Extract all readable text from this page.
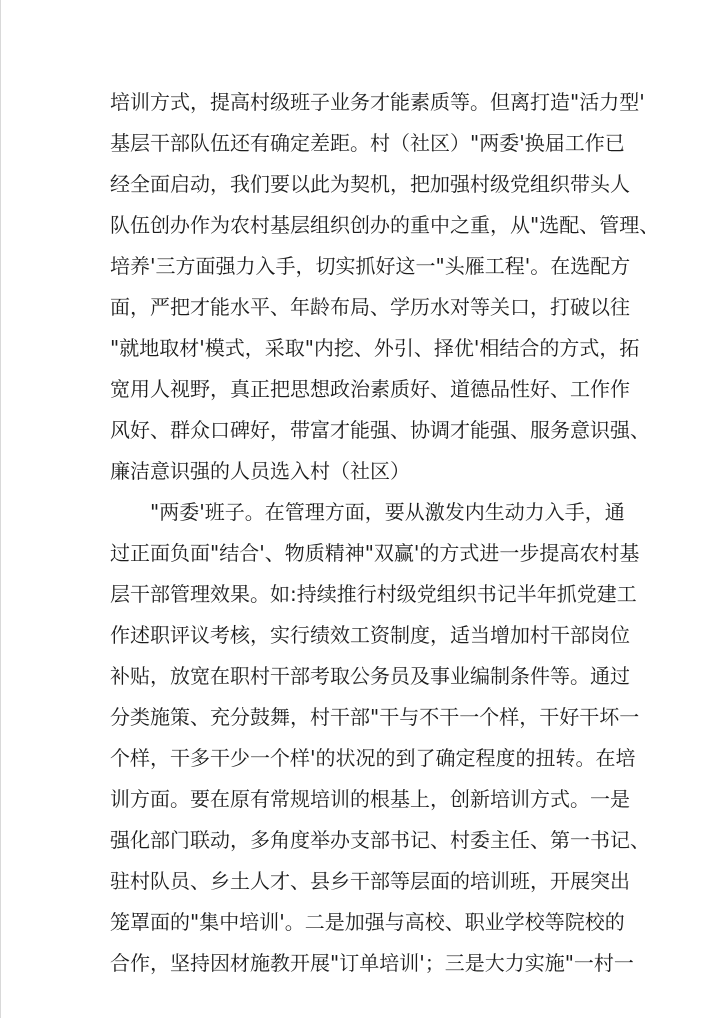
培训方式，提高村级班子业务才能素质等。但离打造"活力型'
基层干部队伍还有确定差距。村（社区）"两委'换届工作已
经全面启动，我们要以此为契机，把加强村级党组织带头人
队伍创办作为农村基层组织创办的重中之重，从"选配、管理、
培养'三方面强力入手，切实抓好这一"头雁工程'。在选配方
面，严把才能水平、年龄布局、学历水对等关口，打破以往
"就地取材'模式，采取"内挖、外引、择优'相结合的方式，拓
宽用人视野，真正把思想政治素质好、道德品性好、工作作
风好、群众口碑好，带富才能强、协调才能强、服务意识强、
廉洁意识强的人员选入村（社区）
"两委'班子。在管理方面，要从激发内生动力入手，通
过正面负面"结合'、物质精神"双赢'的方式进一步提高农村基
层干部管理效果。如:持续推行村级党组织书记半年抓党建工
作述职评议考核，实行绩效工资制度，适当增加村干部岗位
补贴，放宽在职村干部考取公务员及事业编制条件等。通过
分类施策、充分鼓舞，村干部"干与不干一个样，干好干坏一
个样，干多干少一个样'的状况的到了确定程度的扭转。在培
训方面。要在原有常规培训的根基上，创新培训方式。一是
强化部门联动，多角度举办支部书记、村委主任、第一书记、
驻村队员、乡土人才、县乡干部等层面的培训班，开展突出
笼罩面的"集中培训'。二是加强与高校、职业学校等院校的
合作，坚持因材施教开展"订单培训'；三是大力实施"一村一
